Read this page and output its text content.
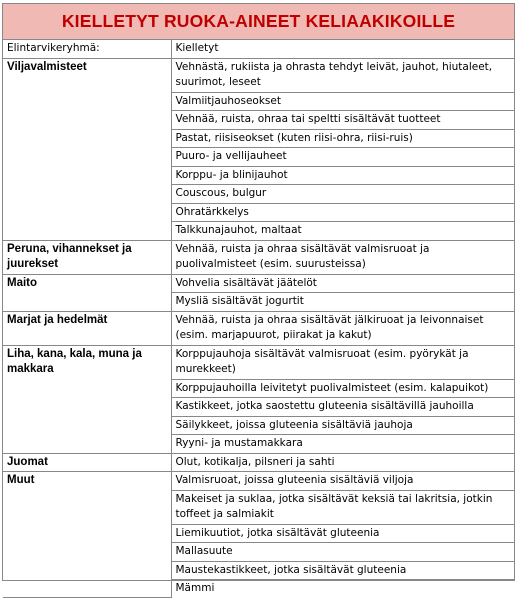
KIELLETYT RUOKA-AINEET KELIAAKIKOILLE
Elintarvikeryhmä:	Kielletyt
Viljavalmisteet	Vehnästä, rukiista ja ohrasta tehdyt leivät, jauhot, hiutaleet, suurimot, leseet
	Valmiitjauhoseokset
	Vehnää, ruista, ohraa tai speltti sisältävät tuotteet
	Pastat, riisiseokset (kuten riisi-ohra, riisi-ruis)
	Puuro- ja vellijauheet
	Korppu- ja blinijauhot
	Couscous, bulgur
	Ohratärkkelys
	Talkkunajauhot, maltaat
Peruna, vihannekset ja juurekset	Vehnää, ruista ja ohraa sisältävät valmisruoat ja puolivalmisteet (esim. suurusteissa)
Maito	Vohvelia sisältävät jäätelöt
	Mysliä sisältävät jogurtit
Marjat ja hedelmät	Vehnää, ruista ja ohraa sisältävät jälkiruoat ja leivonnaiset (esim. marjapuurot, piirakat ja kakut)
Liha, kana, kala, muna ja makkara	Korppujauhoja sisältävät valmisruoat (esim. pyörykät ja murekkeet)
	Korppujauhoilla leivitetyt puolivalmisteet (esim. kalapuikot)
	Kastikkeet, jotka saostettu gluteenia sisältävillä jauhoilla
	Säilykkeet, joissa gluteenia sisältäviä jauhoja
	Ryyni- ja mustamakkara
Juomat	Olut, kotikalja, pilsneri ja sahti
Muut	Valmisruoat, joissa gluteenia sisältäviä viljoja
	Makeiset ja suklaa, jotka sisältävät keksiä tai lakritsia, jotkin toffeet ja salmiakit
	Liemikuutiot, jotka sisältävät gluteenia
	Mallasuute
	Maustekastikkeet, jotka sisältävät gluteenia
	Mämmi
